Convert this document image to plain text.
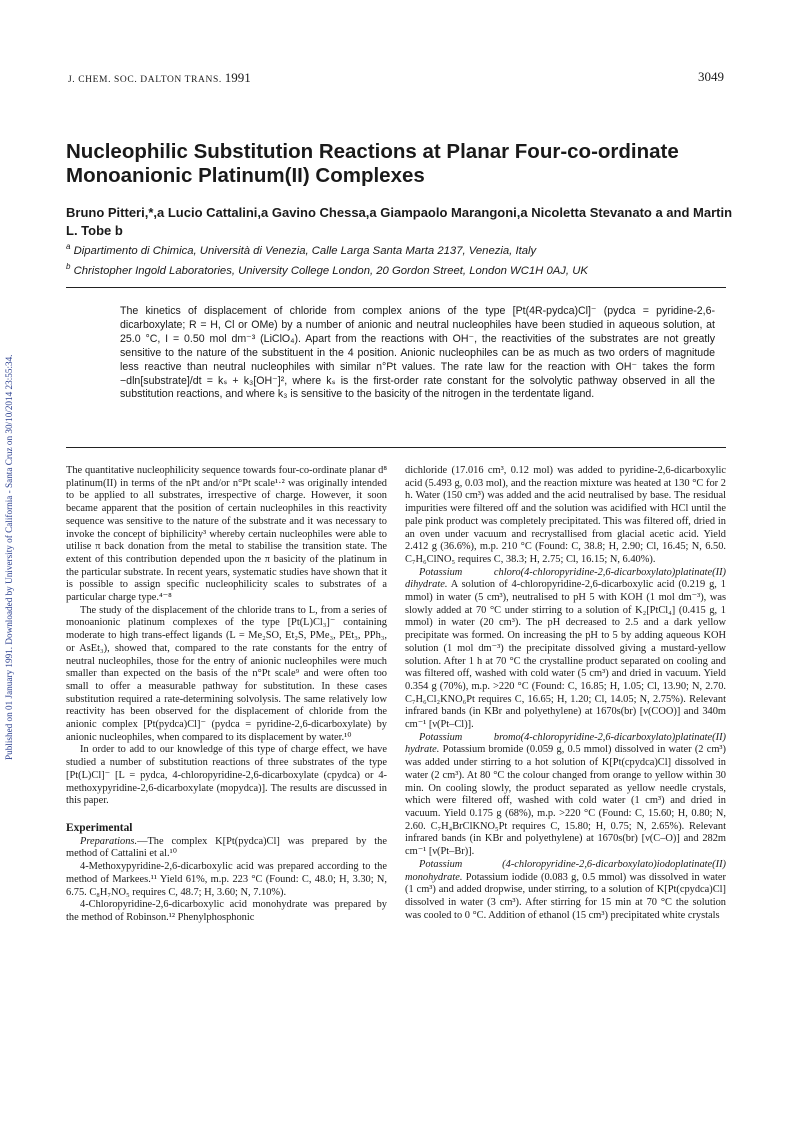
Published on 01 January 1991. Downloaded by University of California - Santa Cruz on 30/10/2014 23:55:34.
J. CHEM. SOC. DALTON TRANS. 1991	3049
Nucleophilic Substitution Reactions at Planar Four-co-ordinate Monoanionic Platinum(II) Complexes

Bruno Pitteri,*,a Lucio Cattalini,a Gavino Chessa,a Giampaolo Marangoni,a Nicoletta Stevanato a and Martin L. Tobe b

$^a$ Dipartimento di Chimica, Università di Venezia, Calle Larga Santa Marta 2137, Venezia, Italy
$^b$ Christopher Ingold Laboratories, University College London, 20 Gordon Street, London WC1H 0AJ, UK

The kinetics of displacement of chloride from complex anions of the type [Pt(4R-pydca)Cl]⁻ (pydca = pyridine-2,6-dicarboxylate; R = H, Cl or OMe) by a number of anionic and neutral nucleophiles have been studied in aqueous solution, at 25.0 °C, I = 0.50 mol dm⁻³ (LiClO₄). Apart from the reactions with OH⁻, the reactivities of the substrates are not greatly sensitive to the nature of the substituent in the 4 position. Anionic nucleophiles can be as much as two orders of magnitude less reactive than neutral nucleophiles with similar n°Pt values. The rate law for the reaction with OH⁻ takes the form −dln[substrate]/dt = kₛ + k₃[OH⁻]², where kₛ is the first-order rate constant for the solvolytic pathway observed in all the substitution reactions, and where k₃ is sensitive to the basicity of the nitrogen in the terdentate ligand.

The quantitative nucleophilicity sequence towards four-co-ordinate planar d⁸ platinum(II) in terms of the nPt and/or n°Pt scale¹·² was originally intended to be applied to all substrates, irrespective of charge. However, it soon became apparent that the position of certain nucleophiles in this reactivity sequence was sensitive to the nature of the substrate and it was necessary to invoke the concept of biphilicity³ whereby certain nucleophiles were able to utilise π back donation from the metal to stabilise the transition state. The extent of this contribution depended upon the π basicity of the platinum in the particular substrate. In recent years, systematic studies have shown that it is possible to assign specific nucleophilicity scales to substrates of a particular charge type.⁴⁻⁸

The study of the displacement of the chloride trans to L, from a series of monoanionic platinum complexes of the type [Pt(L)Cl₃]⁻ containing moderate to high trans-effect ligands (L = Me₂SO, Et₂S, PMe₃, PEt₃, PPh₃, or AsEt₃), showed that, compared to the rate constants for the entry of neutral nucleophiles, those for the entry of anionic nucleophiles were much smaller than expected on the basis of the n°Pt scale⁹ and were often too small to offer a measurable pathway for substitution. In these cases substitution required a rate-determining solvolysis. The same relatively low reactivity has been observed for the displacement of chloride from the anionic complex [Pt(pydca)Cl]⁻ (pydca = pyridine-2,6-dicarboxylate) by anionic nucleophiles, when compared to its displacement by water.¹⁰

In order to add to our knowledge of this type of charge effect, we have studied a number of substitution reactions of three substrates of the type [Pt(L)Cl]⁻ [L = pydca, 4-chloropyridine-2,6-dicarboxylate (cpydca) or 4-methoxypyridine-2,6-dicarboxylate (mopydca)]. The results are discussed in this paper.

Experimental

Preparations.—The complex K[Pt(pydca)Cl] was prepared by the method of Cattalini et al.¹⁰

4-Methoxypyridine-2,6-dicarboxylic acid was prepared according to the method of Markees.¹¹ Yield 61%, m.p. 223 °C (Found: C, 48.0; H, 3.30; N, 6.75. C₈H₇NO₅ requires C, 48.7; H, 3.60; N, 7.10%).

4-Chloropyridine-2,6-dicarboxylic acid monohydrate was prepared by the method of Robinson.¹² Phenylphosphonic

dichloride (17.016 cm³, 0.12 mol) was added to pyridine-2,6-dicarboxylic acid (5.493 g, 0.03 mol), and the reaction mixture was heated at 130 °C for 2 h. Water (150 cm³) was added and the acid neutralised by base. The residual impurities were filtered off and the solution was acidified with HCl until the pale pink product was completely precipitated. This was filtered off, dried in an oven under vacuum and recrystallised from glacial acetic acid. Yield 2.412 g (36.6%), m.p. 210 °C (Found: C, 38.8; H, 2.90; Cl, 16.45; N, 6.50. C₇H₆ClNO₅ requires C, 38.3; H, 2.75; Cl, 16.15; N, 6.40%).

Potassium chloro(4-chloropyridine-2,6-dicarboxylato)platinate(II) dihydrate. A solution of 4-chloropyridine-2,6-dicarboxylic acid (0.219 g, 1 mmol) in water (5 cm³), neutralised to pH 5 with KOH (1 mol dm⁻³), was slowly added at 70 °C under stirring to a solution of K₂[PtCl₄] (0.415 g, 1 mmol) in water (20 cm³). The pH decreased to 2.5 and a dark yellow precipitate was formed. On increasing the pH to 5 by adding aqueous KOH solution (1 mol dm⁻³) the precipitate dissolved giving a mustard-yellow solution. After 1 h at 70 °C the crystalline product separated on cooling and was filtered off, washed with cold water (5 cm³) and dried in vacuum. Yield 0.354 g (70%), m.p. >220 °C (Found: C, 16.85; H, 1.05; Cl, 13.90; N, 2.70. C₇H₆Cl₂KNO₆Pt requires C, 16.65; H, 1.20; Cl, 14.05; N, 2.75%). Relevant infrared bands (in KBr and polyethylene) at 1670s(br) [ν(COO)] and 340m cm⁻¹ [ν(Pt–Cl)].

Potassium bromo(4-chloropyridine-2,6-dicarboxylato)platinate(II) hydrate. Potassium bromide (0.059 g, 0.5 mmol) dissolved in water (2 cm³) was added under stirring to a hot solution of K[Pt(cpydca)Cl] dissolved in water (2 cm³). At 80 °C the colour changed from orange to yellow within 30 min. On cooling slowly, the product separated as yellow needle crystals, which were filtered off, washed with cold water (1 cm³) and dried in vacuum. Yield 0.175 g (68%), m.p. >220 °C (Found: C, 15.60; H, 0.80; N, 2.60. C₇H₄BrClKNO₅Pt requires C, 15.80; H, 0.75; N, 2.65%). Relevant infrared bands (in KBr and polyethylene) at 1670s(br) [ν(C–O)] and 282m cm⁻¹ [ν(Pt–Br)].

Potassium (4-chloropyridine-2,6-dicarboxylato)iodoplatinate(II) monohydrate. Potassium iodide (0.083 g, 0.5 mmol) was dissolved in water (1 cm³) and added dropwise, under stirring, to a solution of K[Pt(cpydca)Cl] dissolved in water (3 cm³). After stirring for 15 min at 70 °C the solution was cooled to 0 °C. Addition of ethanol (15 cm³) precipitated white crystals
